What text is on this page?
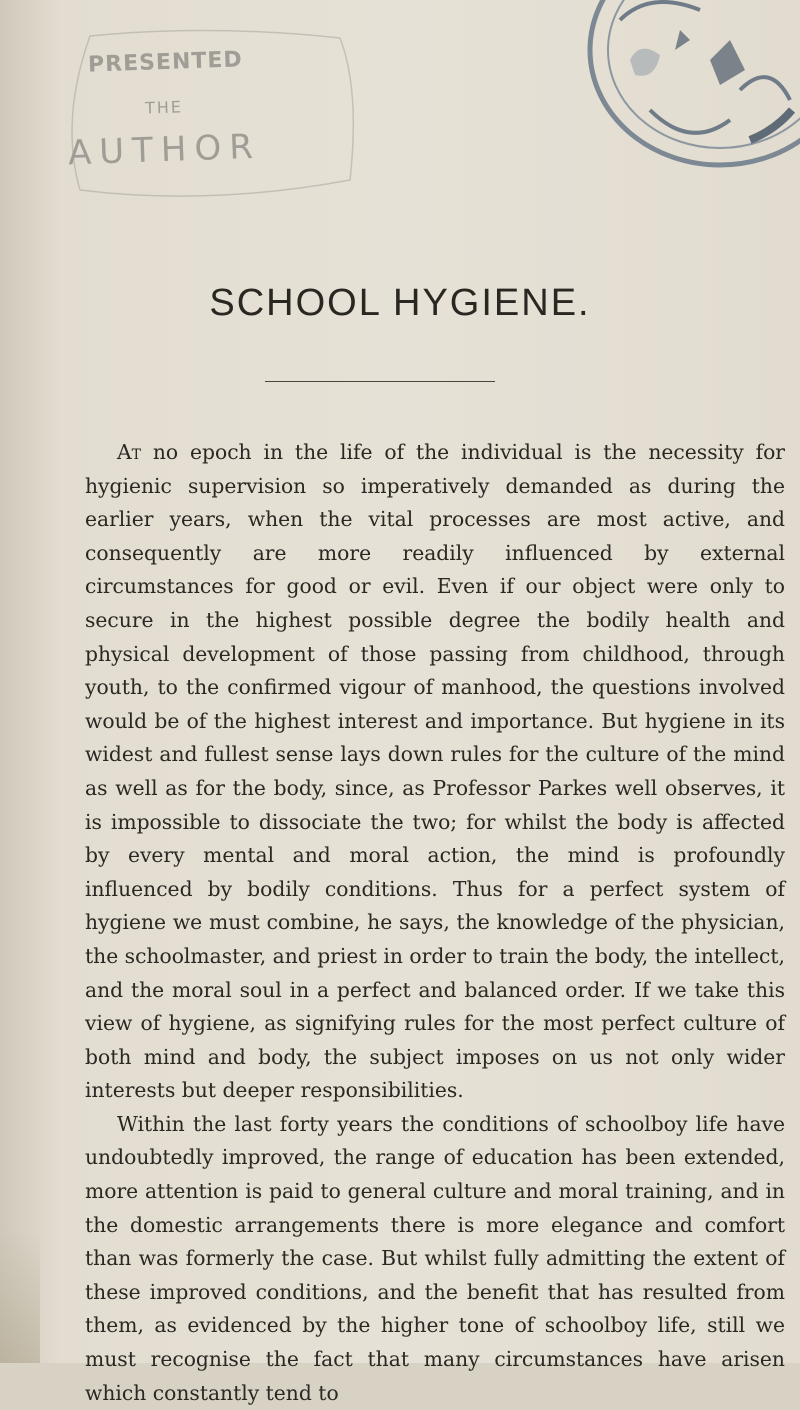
PRESENTED
THE
AUTHOR
SCHOOL HYGIENE.

At no epoch in the life of the individual is the necessity for hygienic supervision so imperatively demanded as during the earlier years, when the vital processes are most active, and consequently are more readily influenced by external circumstances for good or evil. Even if our object were only to secure in the highest possible degree the bodily health and physical development of those passing from childhood, through youth, to the confirmed vigour of manhood, the questions involved would be of the highest interest and importance. But hygiene in its widest and fullest sense lays down rules for the culture of the mind as well as for the body, since, as Professor Parkes well observes, it is impossible to dissociate the two; for whilst the body is affected by every mental and moral action, the mind is profoundly influenced by bodily conditions. Thus for a perfect system of hygiene we must combine, he says, the knowledge of the physician, the schoolmaster, and priest in order to train the body, the intellect, and the moral soul in a perfect and balanced order. If we take this view of hygiene, as signifying rules for the most perfect culture of both mind and body, the subject imposes on us not only wider interests but deeper responsibilities.

Within the last forty years the conditions of schoolboy life have undoubtedly improved, the range of education has been extended, more attention is paid to general culture and moral training, and in the domestic arrangements there is more elegance and comfort than was formerly the case. But whilst fully admitting the extent of these improved conditions, and the benefit that has resulted from them, as evidenced by the higher tone of schoolboy life, still we must recognise the fact that many circumstances have arisen which constantly tend to
